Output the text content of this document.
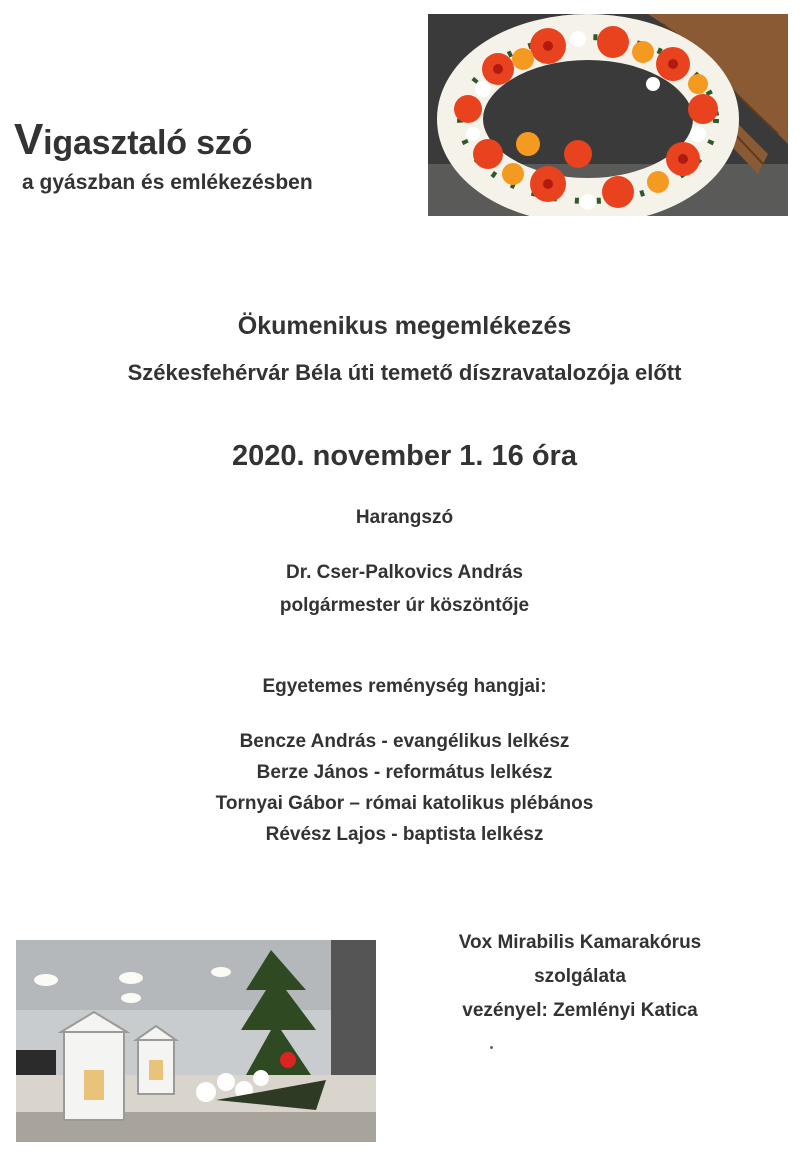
Vigasztaló szó
a gyászban és emlékezésben
Ökumenikus megemlékezés
Székesfehérvár Béla úti temető díszravatalozója előtt
2020. november 1. 16 óra
Harangszó
Dr. Cser-Palkovics András
polgármester úr köszöntője
Egyetemes reménység hangjai:
Bencze András - evangélikus lelkész
Berze János - református lelkész
Tornyai Gábor – római katolikus plébános
Révész Lajos - baptista lelkész
Vox Mirabilis Kamarakórus
szolgálata
vezényel: Zemlényi Katica
